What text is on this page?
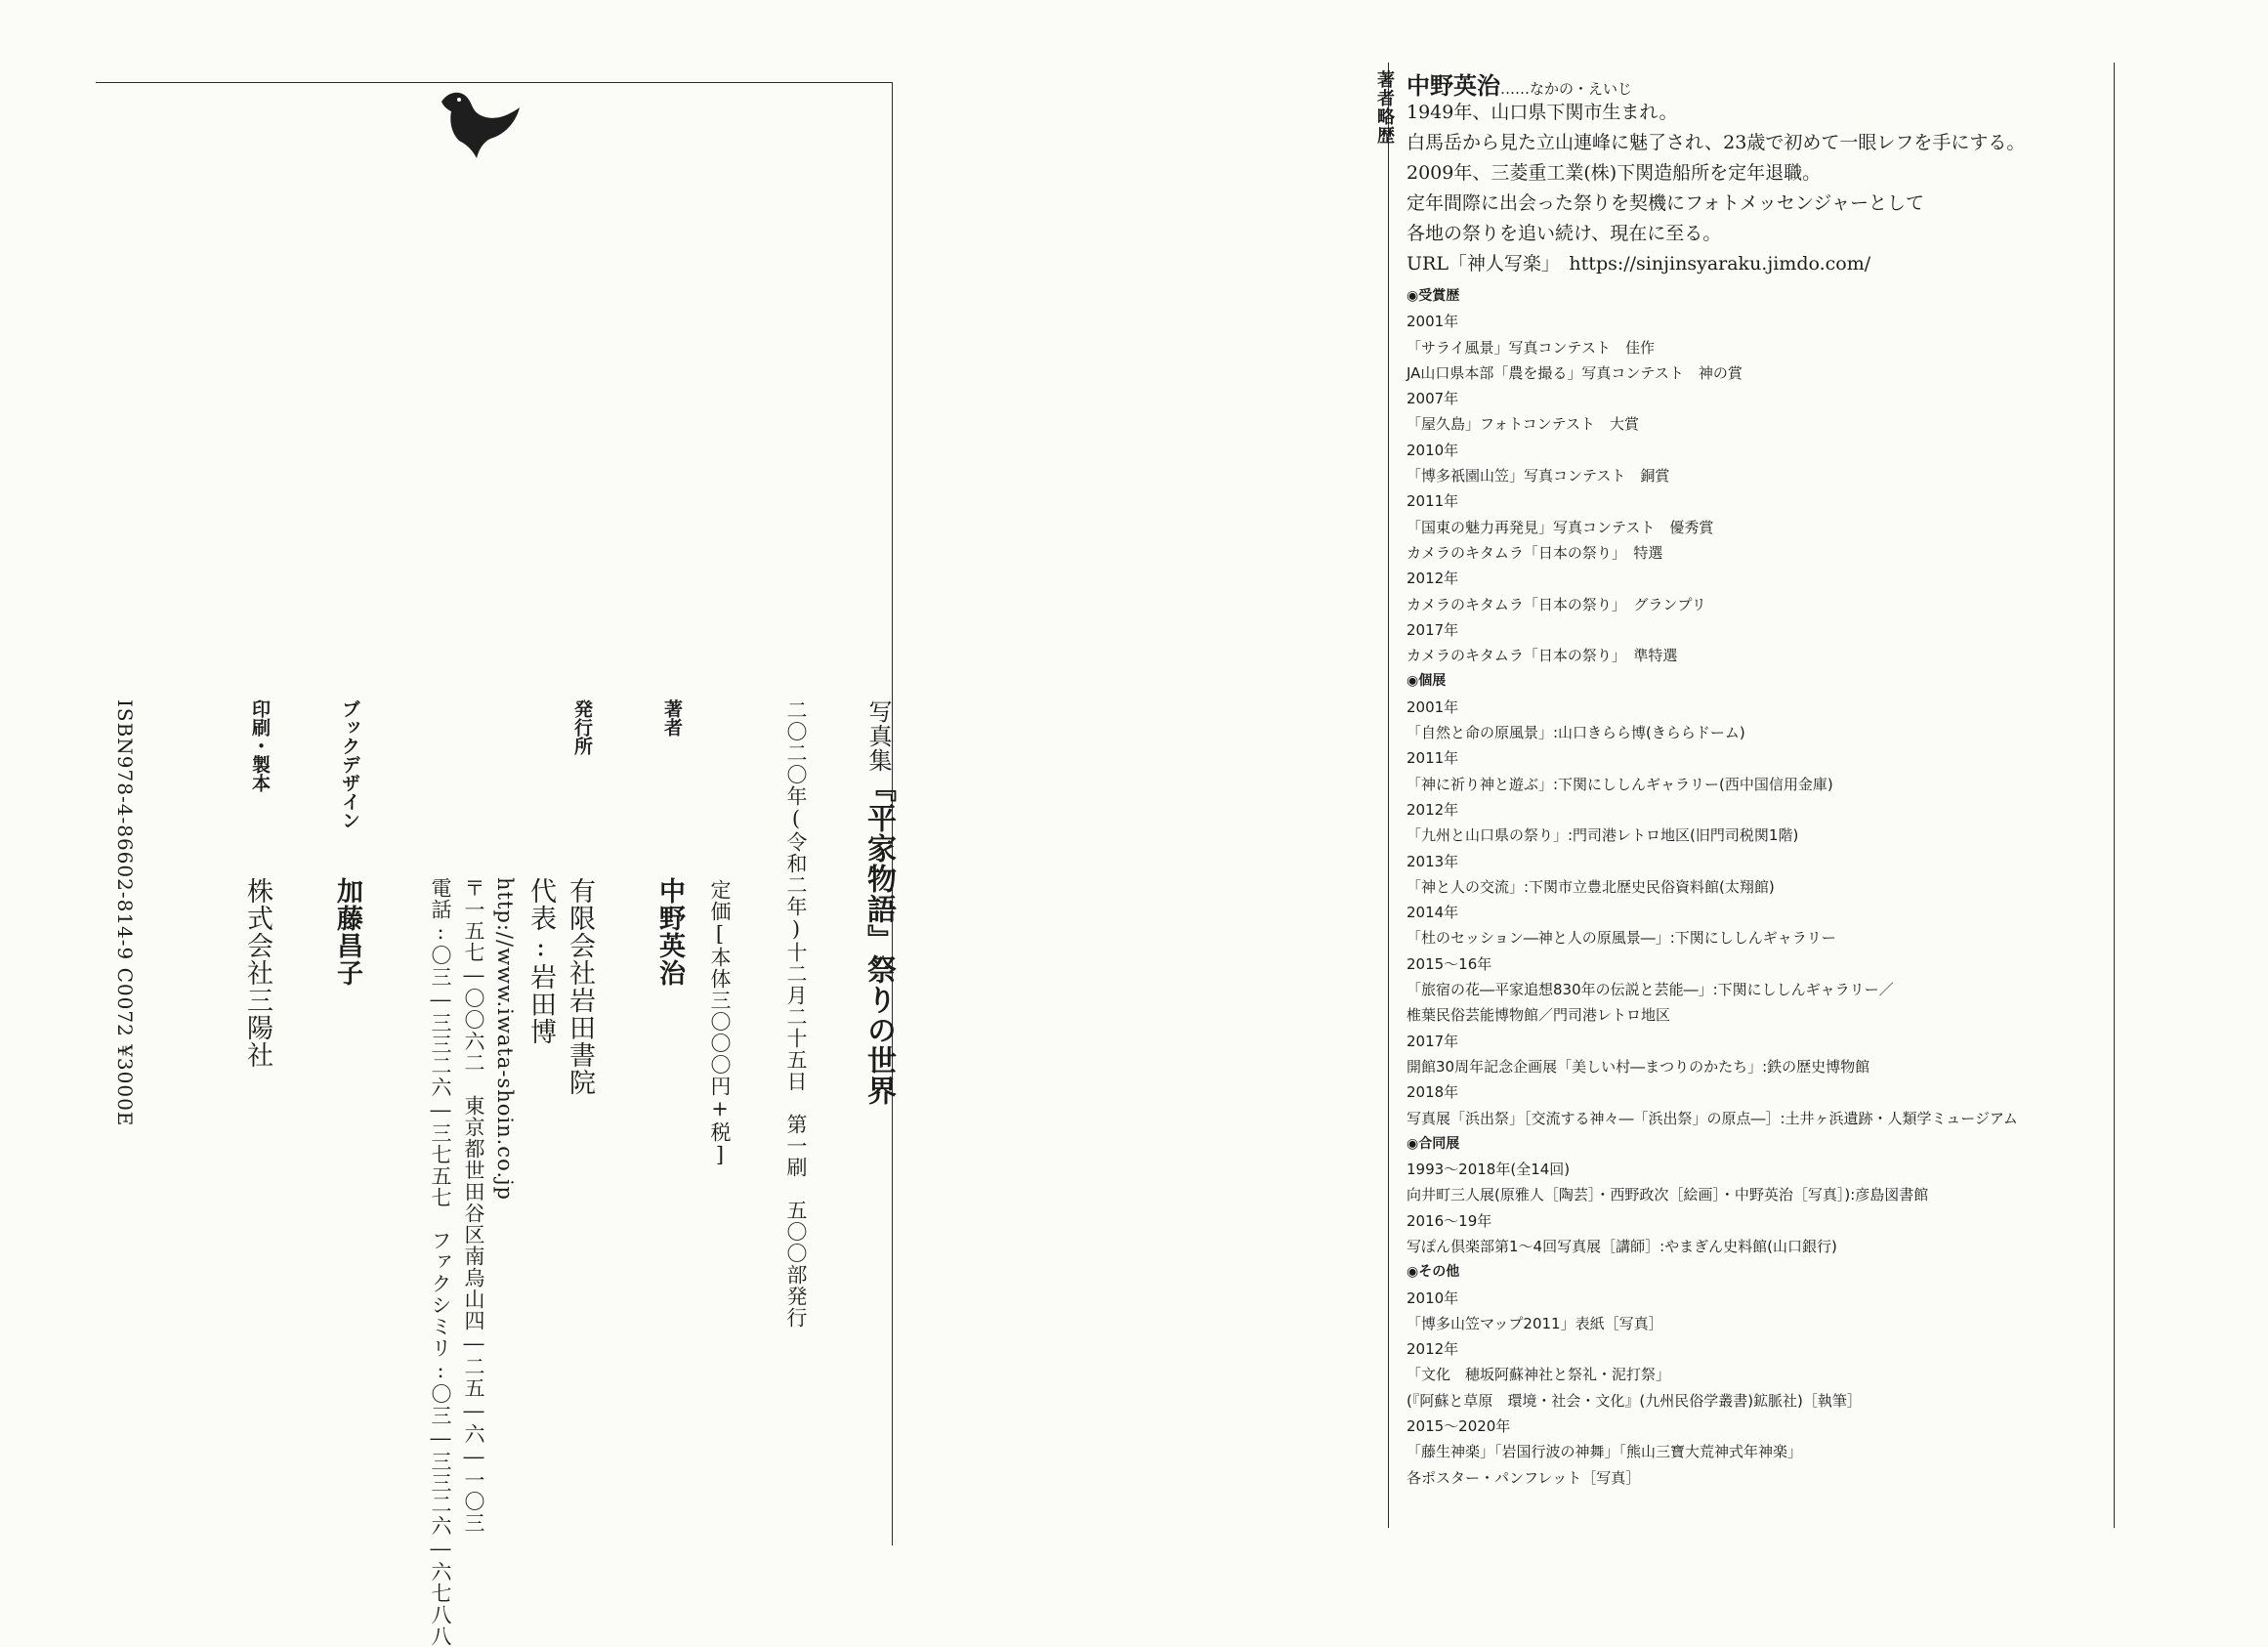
写真集『平家物語』祭りの世界
二〇二〇年(令和二年)十二月二十五日　第一刷　五〇〇部発行
定価[本体三〇〇〇円+税]
著者
中野英治
発行所
有限会社岩田書院
代表:岩田博
http://www.iwata-shoin.co.jp
〒一五七―〇〇六二　東京都世田谷区南烏山四―二五―六―一〇三
電話:〇三―三三二六―三七五七　ファクシミリ:〇三―三三二六―六七八八
ブックデザイン
加藤昌子
印刷・製本
株式会社三陽社
ISBN978-4-86602-814-9 C0072 ¥3000E
著者略歴 中野英治……なかの・えいじ
1949年、山口県下関市生まれ。
白馬岳から見た立山連峰に魅了され、23歳で初めて一眼レフを手にする。
2009年、三菱重工業(株)下関造船所を定年退職。
定年間際に出会った祭りを契機にフォトメッセンジャーとして
各地の祭りを追い続け、現在に至る。
URL「神人写楽」　https://sinjinsyaraku.jimdo.com/
◉受賞歴
2001年
「サライ風景」写真コンテスト　佳作
JA山口県本部「農を撮る」写真コンテスト　神の賞
2007年
「屋久島」フォトコンテスト　大賞
2010年
「博多祇園山笠」写真コンテスト　銅賞
2011年
「国東の魅力再発見」写真コンテスト　優秀賞
カメラのキタムラ「日本の祭り」　特選
2012年
カメラのキタムラ「日本の祭り」　グランプリ
2017年
カメラのキタムラ「日本の祭り」　準特選
◉個展
2001年
「自然と命の原風景」:山口きらら博(きららドーム)
2011年
「神に祈り神と遊ぶ」:下関にししんギャラリー(西中国信用金庫)
2012年
「九州と山口県の祭り」:門司港レトロ地区(旧門司税関1階)
2013年
「神と人の交流」:下関市立豊北歴史民俗資料館(太翔館)
2014年
「杜のセッション―神と人の原風景―」:下関にししんギャラリー
2015～16年
「旅宿の花―平家追想830年の伝説と芸能―」:下関にししんギャラリー／
椎葉民俗芸能博物館／門司港レトロ地区
2017年
開館30周年記念企画展「美しい村―まつりのかたち」:鉄の歴史博物館
2018年
写真展「浜出祭」［交流する神々―「浜出祭」の原点―］:土井ヶ浜遺跡・人類学ミュージアム
◉合同展
1993～2018年(全14回)
向井町三人展(原雅人［陶芸］・西野政次［絵画］・中野英治［写真］):彦島図書館
2016～19年
写ぽん倶楽部第1～4回写真展［講師］:やまぎん史料館(山口銀行)
◉その他
2010年
「博多山笠マップ2011」表紙［写真］
2012年
「文化　穂坂阿蘇神社と祭礼・泥打祭」
(『阿蘇と草原　環境・社会・文化』(九州民俗学叢書)鉱脈社)［執筆］
2015～2020年
「藤生神楽」「岩国行波の神舞」「熊山三寶大荒神式年神楽」
各ポスター・パンフレット［写真］
